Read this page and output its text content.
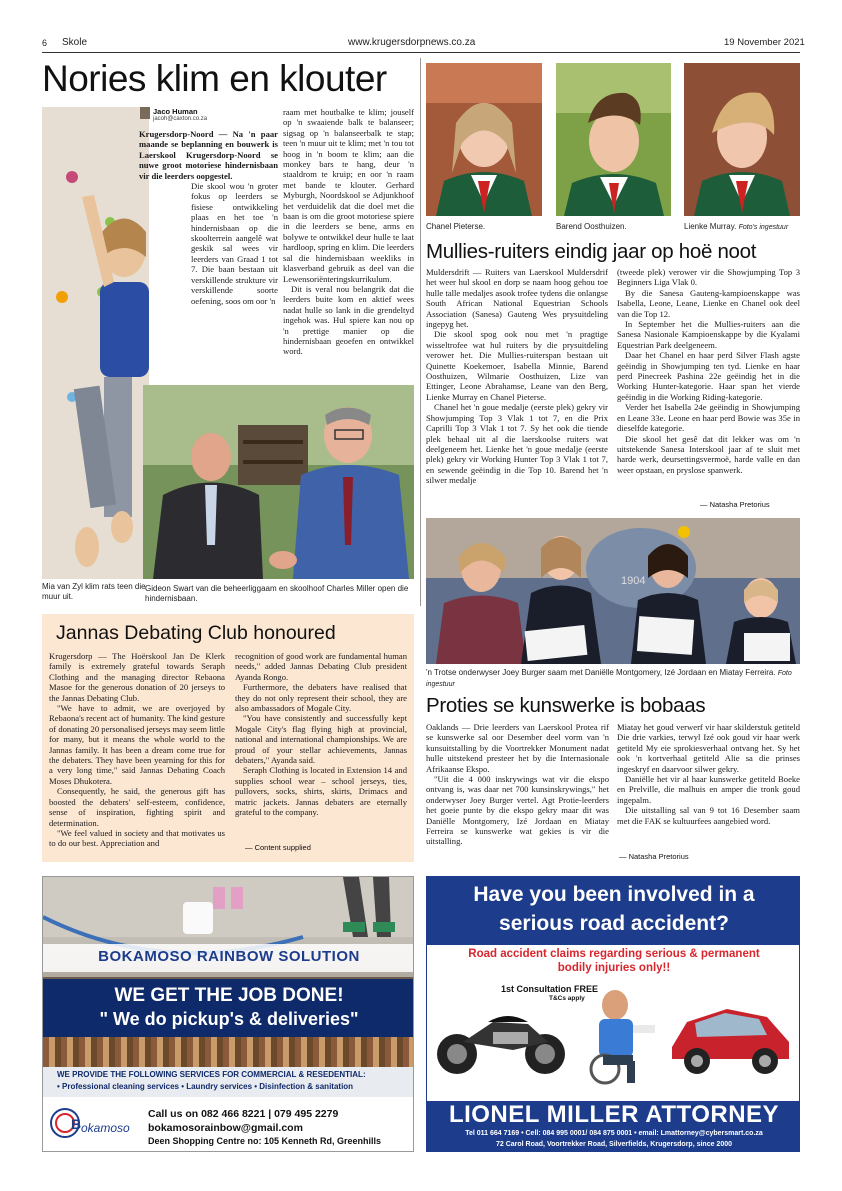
6 Skole	www.krugersdorpnews.co.za	19 November 2021
Nories klim en klouter
Mia van Zyl klim rats teen die muur uit.
Jaco Human
jacoh@caxton.co.za

Krugersdorp-Noord — Na 'n paar maande se beplanning en bouwerk is Laerskool Krugersdorp-Noord se nuwe groot motoriese hindernisbaan vir die leerders oopgestel.

Die skool wou 'n groter fokus op leerders se fisiese ontwikkeling plaas en het toe 'n hindernisbaan op die skoolterrein aangelê wat geskik sal wees vir leerders van Graad 1 tot 7. Die baan bestaan uit verskillende strukture vir verskillende soorte oefening, soos om oor 'n

raam met houtbalke te klim; jouself op 'n swaaiende balk te balanseer; sigsag op 'n balanseerbalk te stap; teen 'n muur uit te klim; met 'n tou tot hoog in 'n boom te klim; aan die monkey bars te hang, deur 'n staaldrom te kruip; en oor 'n raam met bande te klouter. Gerhard Myburgh, Noordskool se Adjunkhoof het verduidelik dat die doel met die baan is om die groot motoriese spiere in die leerders se bene, arms en bolywe te ontwikkel deur hulle te laat hardloop, spring en klim. Die leerders sal die hindernisbaan weekliks in klasverband gebruik as deel van die Lewensoriënteringskurrikulum.

Dit is veral nou belangrik dat die leerders buite kom en aktief wees nadat hulle so lank in die grendeltyd ingehok was. Hul spiere kan nou op 'n prettige manier op die hindernisbaan geoefen en ontwikkel word.

Gideon Swart van die beheerliggaam en skoolhoof Charles Miller open die hindernisbaan.
Chanel Pieterse.	Barend Oosthuizen.	Lienke Murray. Foto's ingestuur
Mullies-ruiters eindig jaar op hoë noot

Muldersdrift — Ruiters van Laerskool Muldersdrif het weer hul skool en dorp se naam hoog gehou toe hulle talle medaljes asook trofee tydens die onlangse South African National Equestrian Schools Association (Sanesa) Gauteng Wes prysuitdeling ingepyg het.

Die skool spog ook nou met 'n pragtige wisseltrofee wat hul ruiters by die prysuitdeling verower het. Die Mullies-ruiterspan bestaan uit Quinette Koekemoer, Isabella Minnie, Barend Oosthuizen, Wilmarie Oosthuizen, Lize van Ettinger, Leone Abrahamse, Leane van den Berg, Lienke Murray en Chanel Pieterse.

Chanel het 'n goue medalje (eerste plek) gekry vir Showjumping Top 3 Vlak 1 tot 7, en die Prix Caprilli Top 3 Vlak 1 tot 7. Sy het ook die tiende plek behaal uit al die laerskoolse ruiters wat deelgeneem het. Lienke het 'n goue medalje (eerste plek) gekry vir Working Hunter Top 3 Vlak 1 tot 7, en sewende geëindig in die Top 10. Barend het 'n silwer medalje

(tweede plek) verower vir die Showjumping Top 3 Beginners Liga Vlak 0.

By die Sanesa Gauteng-kampioenskappe was Isabella, Leone, Leane, Lienke en Chanel ook deel van die Top 12.

In September het die Mullies-ruiters aan die Sanesa Nasionale Kampioenskappe by die Kyalami Equestrian Park deelgeneem.

Daar het Chanel en haar perd Silver Flash agste geëindig in Showjumping ten tyd. Lienke en haar perd Pinecreek Pashina 22e geëindig het in die Working Hunter-kategorie. Haar span het vierde geëindig in die Working Riding-kategorie.

Verder het Isabella 24e geëindig in Showjumping en Leane 33e. Leone en haar perd Bowie was 35e in dieselfde kategorie.

Die skool het gesê dat dit lekker was om 'n uitstekende Sanesa Interskool jaar af te sluit met harde werk, deursettingsvermoë, harde valle en dan weer opstaan, en pryslose spanwerk.

— Natasha Pretorius
1904
'n Trotse onderwyser Joey Burger saam met Daniëlle Montgomery, Izé Jordaan en Miatay Ferreira. Foto ingestuur
Jannas Debating Club honoured

Krugersdorp — The Hoërskool Jan De Klerk family is extremely grateful towards Seraph Clothing and the managing director Rebaona Masoe for the generous donation of 20 jerseys to the Jannas Debating Club.

"We have to admit, we are overjoyed by Rebaona's recent act of humanity. The kind gesture of donating 20 personalised jerseys may seem little for many, but it means the whole world to the Jannas family. It has been a dream come true for the debaters. They have been yearning for this for a very long time," said Jannas Debating Coach Moses Dhukotera.

Consequently, he said, the generous gift has boosted the debaters' self-esteem, confidence, sense of inspiration, fighting spirit and determination.

"We feel valued in society and that motivates us to do our best. Appreciation and

recognition of good work are fundamental human needs," added Jannas Debating Club president Ayanda Rongo.

Furthermore, the debaters have realised that they do not only represent their school, they are also ambassadors of Mogale City.

"You have consistently and successfully kept Mogale City's flag flying high at provincial, national and international championships. We are proud of your stellar achievements, Jannas debaters," Ayanda said.

Seraph Clothing is located in Extension 14 and supplies school wear – school jerseys, ties, pullovers, socks, shirts, skirts, Drimacs and matric jackets. Jannas debaters are eternally grateful to the company.

— Content supplied
Proties se kunswerke is bobaas

Oaklands — Drie leerders van Laerskool Protea rif se kunswerke sal oor Desember deel vorm van 'n kunsuitstalling by die Voortrekker Monument nadat hulle uitstekend presteer het by die Internasionale Afrikaanse Ekspo.

"Uit die 4 000 inskrywings wat vir die ekspo ontvang is, was daar net 700 kunsinskrywings," het onderwyser Joey Burger vertel. Agt Protie-leerders het goeie punte by die ekspo gekry maar dit was Daniëlle Montgomery, Izé Jordaan en Miatay Ferreira se kunswerke wat gekies is vir die uitstalling.

Miatay het goud verwerf vir haar skilderstuk getiteld Die drie varkies, terwyl Izé ook goud vir haar werk getiteld My eie sprokiesverhaal ontvang het. Sy het ook 'n kortverhaal getiteld Alie sa die prinses ingeskryf en daarvoor silwer gekry.

Daniëlle het vir al haar kunswerke getiteld Boeke en Prelville, die malhuis en amper die tronk goud ingepalm.

Die uitstalling sal van 9 tot 16 Desember saam met die FAK se kultuurfees aangebied word.

— Natasha Pretorius
BOKAMOSO RAINBOW SOLUTION
WE GET THE JOB DONE!
" We do pickup's & deliveries"
WE PROVIDE THE FOLLOWING SERVICES FOR COMMERCIAL & RESEDENTIAL:
• Professional cleaning services • Laundry services • Disinfection & sanitation
B okamoso
Call us on 082 466 8221 | 079 495 2279
bokamosorainbow@gmail.com
Deen Shopping Centre no: 105 Kenneth Rd, Greenhills
Have you been involved in a
serious road accident?
Road accident claims regarding serious & permanent
bodily injuries only!!
1st Consultation FREE
T&Cs apply
LIONEL MILLER ATTORNEY
Tel 011 664 7169 • Cell: 084 995 0001/ 084 875 0001 • email: Lmattorney@cybersmart.co.za
72 Carol Road, Voortrekker Road, Silverfields, Krugersdorp, since 2000
